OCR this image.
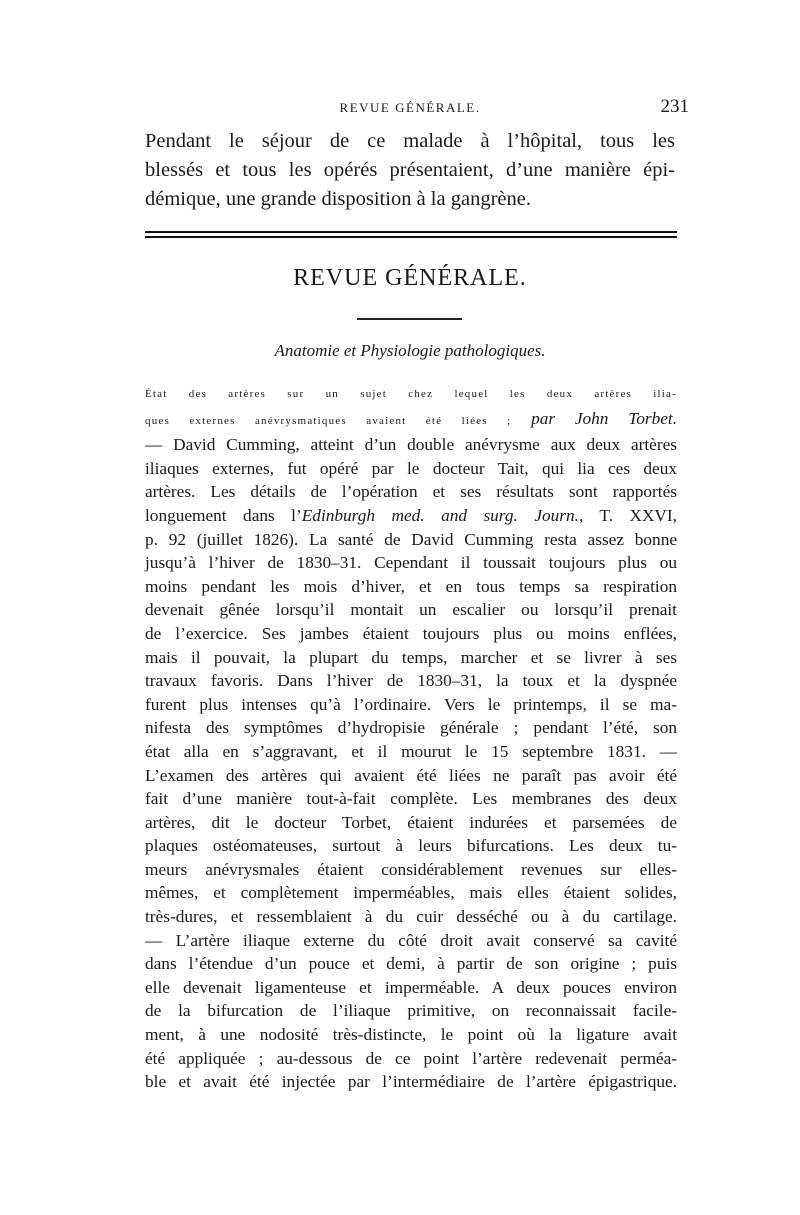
REVUE GÉNÉRALE.	231
Pendant le séjour de ce malade à l’hôpital, tous les
blessés et tous les opérés présentaient, d’une manière épi-
démique, une grande disposition à la gangrène.
REVUE GÉNÉRALE.
Anatomie et Physiologie pathologiques.
État des artères sur un sujet chez lequel les deux artères ilia-
ques externes anévrysmatiques avaient été liées ; par John Torbet.
— David Cumming, atteint d’un double anévrysme aux deux artères
iliaques externes, fut opéré par le docteur Tait, qui lia ces deux
artères. Les détails de l’opération et ses résultats sont rapportés
longuement dans l’Edinburgh med. and surg. Journ., T. XXVI,
p. 92 (juillet 1826). La santé de David Cumming resta assez bonne
jusqu’à l’hiver de 1830–31. Cependant il toussait toujours plus ou
moins pendant les mois d’hiver, et en tous temps sa respiration
devenait gênée lorsqu’il montait un escalier ou lorsqu’il prenait
de l’exercice. Ses jambes étaient toujours plus ou moins enflées,
mais il pouvait, la plupart du temps, marcher et se livrer à ses
travaux favoris. Dans l’hiver de 1830–31, la toux et la dyspnée
furent plus intenses qu’à l’ordinaire. Vers le printemps, il se ma-
nifesta des symptômes d’hydropisie générale ; pendant l’été, son
état alla en s’aggravant, et il mourut le 15 septembre 1831. —
L’examen des artères qui avaient été liées ne paraît pas avoir été
fait d’une manière tout-à-fait complète. Les membranes des deux
artères, dit le docteur Torbet, étaient indurées et parsemées de
plaques ostéomateuses, surtout à leurs bifurcations. Les deux tu-
meurs anévrysmales étaient considérablement revenues sur elles-
mêmes, et complètement imperméables, mais elles étaient solides,
très-dures, et ressemblaient à du cuir desséché ou à du cartilage.
— L’artère iliaque externe du côté droit avait conservé sa cavité
dans l’étendue d’un pouce et demi, à partir de son origine ; puis
elle devenait ligamenteuse et imperméable. A deux pouces environ
de la bifurcation de l’iliaque primitive, on reconnaissait facile-
ment, à une nodosité très-distincte, le point où la ligature avait
été appliquée ; au-dessous de ce point l’artère redevenait perméa-
ble et avait été injectée par l’intermédiaire de l’artère épigastrique.
